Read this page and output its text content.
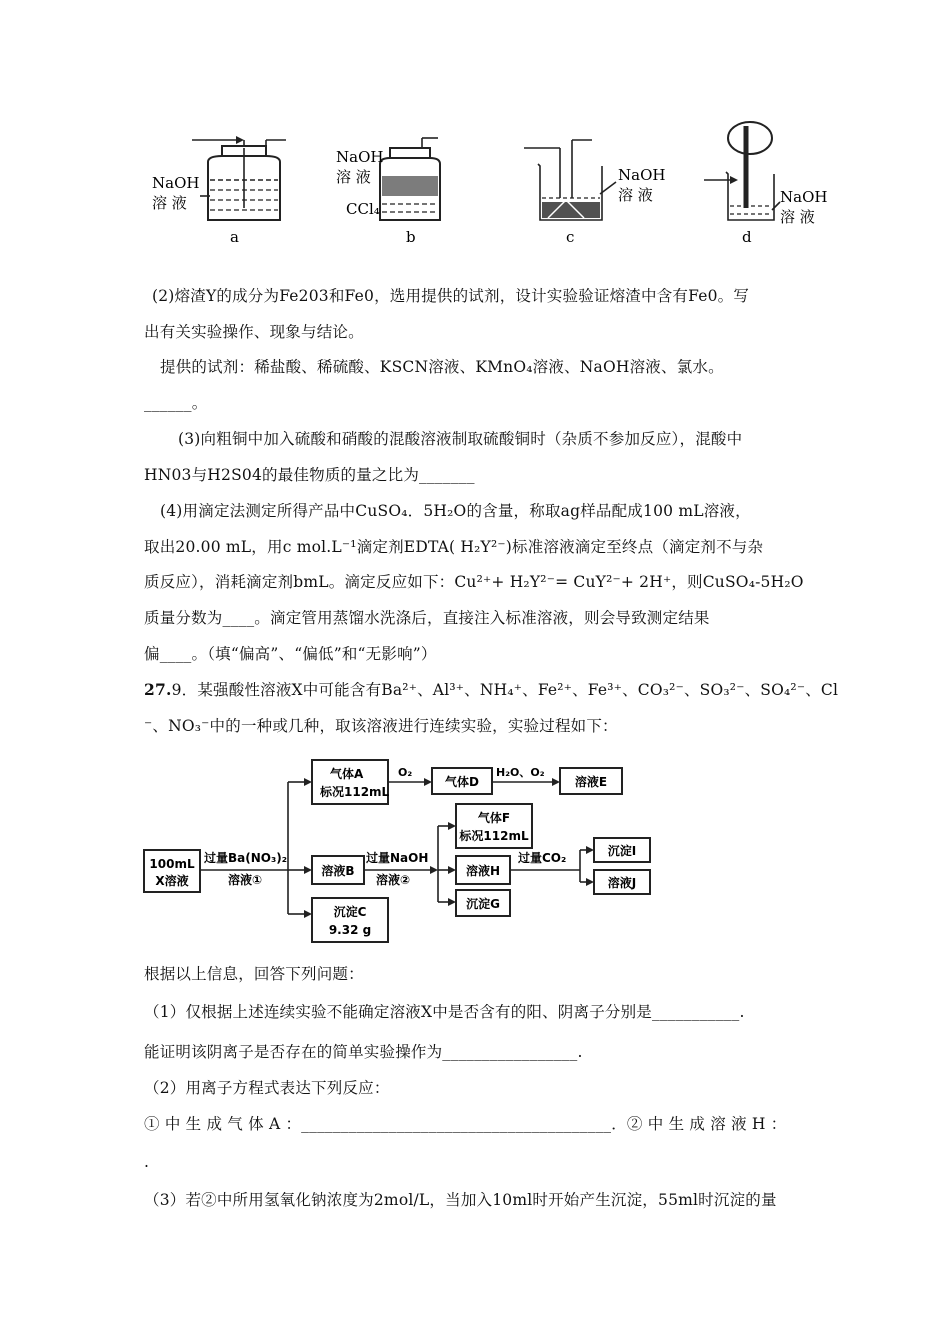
NaOH
溶 液
a
NaOH
溶 液
CCl₄
b
NaOH
溶 液
c
NaOH
溶 液
d
(2)熔渣Y的成分为Fe203和Fe0，选用提供的试剂，设计实验验证熔渣中含有Fe0。写
出有关实验操作、现象与结论。
提供的试剂：稀盐酸、稀硫酸、KSCN溶液、KMnO₄溶液、NaOH溶液、氯水。
______。
(3)向粗铜中加入硫酸和硝酸的混酸溶液制取硫酸铜时（杂质不参加反应），混酸中
HN03与H2S04的最佳物质的量之比为_______
(4)用滴定法测定所得产品中CuSO₄．5H₂O的含量，称取ag样品配成100 mL溶液，
取出20.00 mL，用c mol.L⁻¹滴定剂EDTA( H₂Y²⁻)标准溶液滴定至终点（滴定剂不与杂
质反应），消耗滴定剂bmL。滴定反应如下：Cu²⁺+ H₂Y²⁻= CuY²⁻+ 2H⁺，则CuSO₄-5H₂O
质量分数为____。滴定管用蒸馏水洗涤后，直接注入标准溶液，则会导致测定结果
偏____。（填“偏高”、“偏低”和“无影响”）
27.9．某强酸性溶液X中可能含有Ba²⁺、Al³⁺、NH₄⁺、Fe²⁺、Fe³⁺、CO₃²⁻、SO₃²⁻、SO₄²⁻、Cl
⁻、NO₃⁻中的一种或几种，取该溶液进行连续实验，实验过程如下：
100mL
X溶液
过量Ba(NO₃)₂
溶液①
气体A
标况112mL
O₂
气体D
H₂O、O₂
溶液E
溶液B
过量NaOH
溶液②
沉淀C
9.32 g
气体F
标况112mL
溶液H
沉淀G
过量CO₂	沉淀I
溶液J
根据以上信息，回答下列问题：
（1）仅根据上述连续实验不能确定溶液X中是否含有的阳、阴离子分别是___________.
能证明该阴离子是否存在的简单实验操作为_________________.
（2）用离子方程式表达下列反应：
① 中 生 成 气 体 A ：_______________________________________．② 中 生 成 溶 液 H ：
.
（3）若②中所用氢氧化钠浓度为2mol/L，当加入10ml时开始产生沉淀，55ml时沉淀的量
